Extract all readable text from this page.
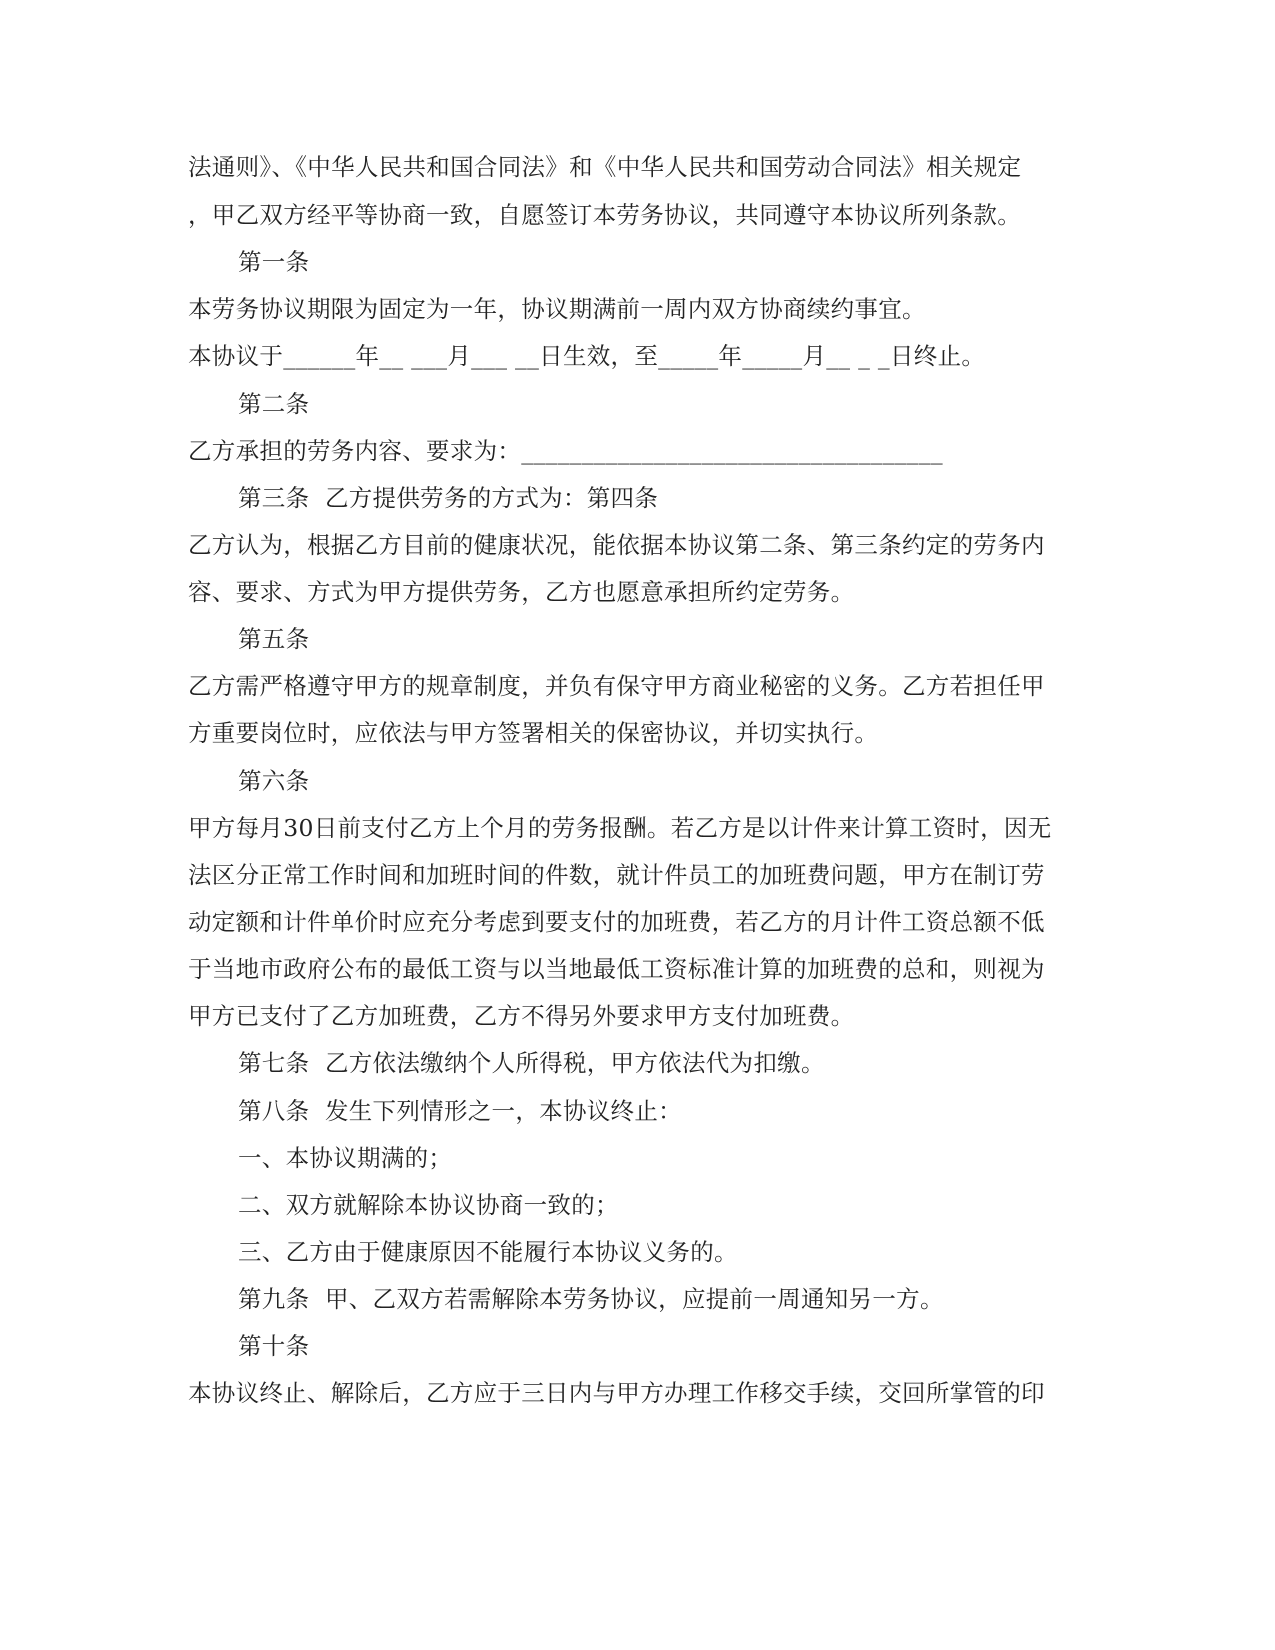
法通则》、《中华人民共和国合同法》和《中华人民共和国劳动合同法》相关规定
，甲乙双方经平等协商一致，自愿签订本劳务协议，共同遵守本协议所列条款。
第一条
本劳务协议期限为固定为一年，协议期满前一周内双方协商续约事宜。
本协议于______年__ ___月___ __日生效，至_____年_____月__ _ _日终止。
第二条
乙方承担的劳务内容、要求为：___________________________________
第三条  乙方提供劳务的方式为：第四条
乙方认为，根据乙方目前的健康状况，能依据本协议第二条、第三条约定的劳务内
容、要求、方式为甲方提供劳务，乙方也愿意承担所约定劳务。
第五条
乙方需严格遵守甲方的规章制度，并负有保守甲方商业秘密的义务。乙方若担任甲
方重要岗位时，应依法与甲方签署相关的保密协议，并切实执行。
第六条
甲方每月30日前支付乙方上个月的劳务报酬。若乙方是以计件来计算工资时，因无
法区分正常工作时间和加班时间的件数，就计件员工的加班费问题，甲方在制订劳
动定额和计件单价时应充分考虑到要支付的加班费，若乙方的月计件工资总额不低
于当地市政府公布的最低工资与以当地最低工资标准计算的加班费的总和，则视为
甲方已支付了乙方加班费，乙方不得另外要求甲方支付加班费。
第七条  乙方依法缴纳个人所得税，甲方依法代为扣缴。
第八条  发生下列情形之一，本协议终止：
一、本协议期满的；
二、双方就解除本协议协商一致的；
三、乙方由于健康原因不能履行本协议义务的。
第九条  甲、乙双方若需解除本劳务协议，应提前一周通知另一方。
第十条
本协议终止、解除后，乙方应于三日内与甲方办理工作移交手续，交回所掌管的印
